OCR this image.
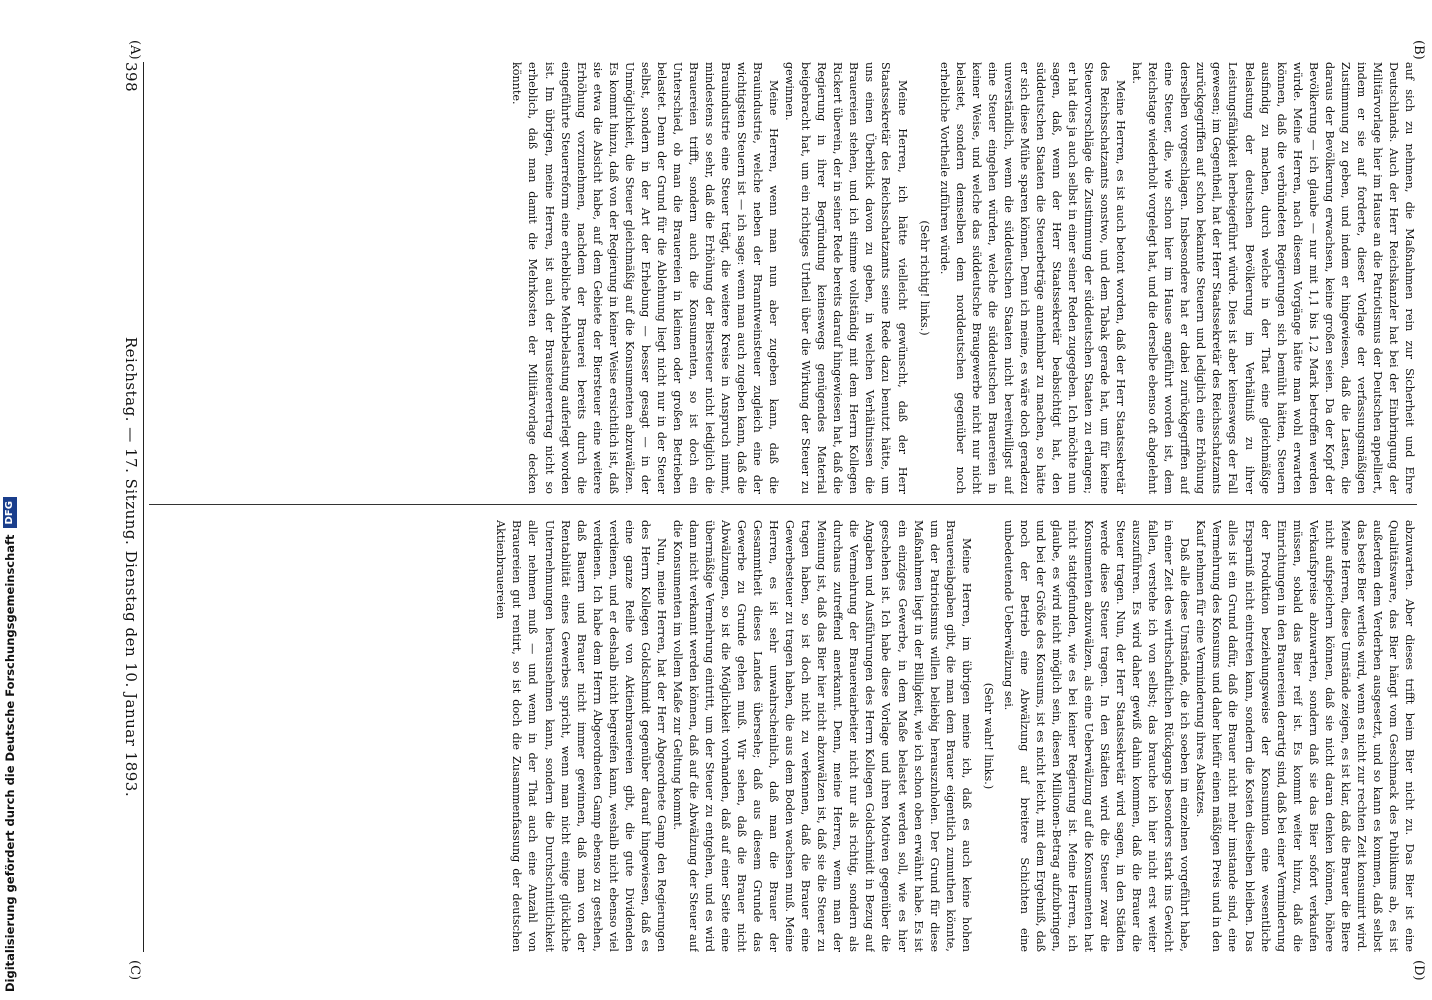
(A)	(B)
(C)	(D)

auf sich zu nehmen, die Maßnahmen rein zur Sicherheit und Ehre Deutschlands. Auch der Herr Reichskanzler hat bei der Einbringung der Militärvorlage hier im Hause an die Patriotismus der Deutschen appelliert, indem er sie auf forderte, dieser Vorlage der verfassungsmäßigen Zustimmung zu geben, und indem er hingewiesen, daß die Lasten, die daraus der Bevölkerung erwachsen, keine großen seien. Da der Kopf der Bevölkerung — ich glaube — nur mit 1,1 bis 1,2 Mark betroffen werden würde. Meine Herren, nach diesem Vorgänge hätte man wohl erwarten können, daß die verbündeten Regierungen sich bemüht hätten, Steuern ausfindig zu machen, durch welche in der That eine gleichmäßige Belastung der deutschen Bevölkerung im Verhältniß zu ihrer Leistungsfähigkeit herbeigeführt würde. Dies ist aber keineswegs der Fall gewesen; im Gegentheil, hat der Herr Staatssekretär des Reichsschatzamts zurückgegriffen auf schon bekannte Steuern und lediglich eine Erhöhung derselben vorgeschlagen. Insbesondere hat er dabei zurückgegriffen auf eine Steuer, die, wie schon hier im Hause angeführt worden ist, dem Reichstage wiederholt vorgelegt hat, und die derselbe ebenso oft abgelehnt hat.

Meine Herren, es ist auch betont worden, daß der Herr Staatssekretär des Reichsschatzamts sonstwo, und dem Tabak gerade hat, um für keine Steuervorschläge die Zustimmung der süddeutschen Staaten zu erlangen; er hat dies ja auch selbst in einer seiner Reden zugegeben. Ich möchte nun sagen, daß, wenn der Herr Staatssekretär beabsichtigt hat, den süddeutschen Staaten die Steuerbeträge annehmbar zu machen, so hätte er sich diese Mühe sparen können. Denn ich meine, es wäre doch geradezu unverständlich, wenn die süddeutschen Staaten nicht bereitwilligst auf eine Steuer eingehen würden, welche die süddeutschen Brauereien in keiner Weise, und welche das süddeutsche Braugewerbe nicht nur nicht belastet, sondern demselben dem norddeutschen gegenüber noch erhebliche Vortheile zuführen würde.

(Sehr richtig! links.)

Meine Herren, ich hätte vielleicht gewünscht, daß der Herr Staatssekretär des Reichsschatzamts seine Rede dazu benutzt hätte, um uns einen Überblick davon zu geben, in welchen Verhältnissen die Brauereien stehen, und ich stimme vollständig mit dem Herrn Kollegen Rickert überein, der in seiner Rede bereits darauf hingewiesen hat, daß die Regierung in ihrer Begründung keineswegs genügendes Material beigebracht hat, um ein richtiges Urtheil über die Wirkung der Steuer zu gewinnen.

Meine Herren, wenn man nun aber zugeben kann, daß die Brauindustrie, welche neben der Branntweinsteuer zugleich eine der wichtigsten Steuern ist — ich sage: wenn man auch zugeben kann, daß die Brauindustrie eine Steuer trägt, die weitere Kreise in Anspruch nimmt, mindestens so sehr, daß die Erhöhung der Biersteuer nicht lediglich die Brauereien trifft, sondern auch die Konsumenten, so ist doch ein Unterschied, ob man die Brauereien in kleinen oder großen Betrieben belastet. Denn der Grund für die Ablehnung liegt nicht nur in der Steuer selbst, sondern in der Art der Erhebung — besser gesagt — in der Unmöglichkeit, die Steuer gleichmäßig auf die Konsumenten abzuwälzen. Es kommt hinzu, daß von der Regierung in keiner Weise ersichtlich ist, daß sie etwa die Absicht habe, auf dem Gebiete der Biersteuer eine weitere Erhöhung vorzunehmen, nachdem der Brauerei bereits durch die eingeführte Steuerreform eine erhebliche Mehrbelastung auferlegt worden ist. Im übrigen, meine Herren, ist auch der Brausteuerertrag nicht so erheblich, daß man damit die Mehrkosten der Militärvorlage decken könnte.

abzuwarten. Aber dieses trifft beim Bier nicht zu. Das Bier ist eine Qualitätsware, das Bier hängt vom Geschmack des Publikums ab, es ist außerdem dem Verderben ausgesetzt, und so kann es kommen, daß selbst das beste Bier wertlos wird, wenn es nicht zur rechten Zeit konsumirt wird. Meine Herren, diese Umstände zeigen, es ist klar, daß die Brauer die Biere nicht aufspeichern können, daß sie nicht daran denken können, höhere Verkaufspreise abzuwarten, sondern daß sie das Bier sofort verkaufen müssen, sobald das Bier reif ist. Es kommt weiter hinzu, daß die Einrichtungen in den Brauereien derartig sind, daß bei einer Verminderung der Produktion beziehungsweise der Konsumtion eine wesentliche Ersparniß nicht eintreten kann, sondern die Kosten dieselben bleiben. Das alles ist ein Grund dafür, daß die Brauer nicht mehr imstande sind, eine Vermehrung des Konsums und daher hiefür einen mäßigen Preis und in den Kauf nehmen für eine Verminderung ihres Absatzes.

Daß alle diese Umstände, die ich soeben im einzelnen vorgeführt habe, in einer Zeit des wirthschaftlichen Rückgangs besonders stark ins Gewicht fallen, verstehe ich von selbst; das brauche ich hier nicht erst weiter auszuführen. Es wird daher gewiß dahin kommen, daß die Brauer die Steuer tragen. Nun, der Herr Staatssekretär wird sagen, in den Städten werde diese Steuer tragen. In den Städten wird die Steuer zwar die Konsumenten abzuwälzen, als eine Ueberwälzung auf die Konsumenten hat nicht stattgefunden, wie es bei keiner Regierung ist. Meine Herren, ich glaube, es wird nicht möglich sein, diesen Millionen-Betrag aufzubringen, und bei der Größe des Konsums, ist es nicht leicht, mit dem Ergebniß, daß noch der Betrieb eine Abwälzung auf breitere Schichten eine unbedeutende Ueberwälzung sei.

(Sehr wahr! links.)

Meine Herren, im übrigen meine ich, daß es auch keine hohen Brauereiabgaben gibt, die man dem Brauer eigentlich zumuthen könnte, um der Patriotismus willen beliebig herauszuholen. Der Grund für diese Maßnahmen liegt in der Billigkeit, wie ich schon oben erwähnt habe. Es ist ein einziges Gewerbe, in dem Maße belastet werden soll, wie es hier geschehen ist. Ich habe diese Vorlage und ihren Motiven gegenüber die Angaben und Ausführungen des Herrn Kollegen Goldschmidt in Bezug auf die Vermehrung der Brauereiarbeiter nicht nur als richtig, sondern als durchaus zutreffend anerkannt. Denn, meine Herren, wenn man der Meinung ist, daß das Bier hier nicht abzuwälzen ist, daß sie die Steuer zu tragen haben, so ist doch nicht zu verkennen, daß die Brauer eine Gewerbesteuer zu tragen haben, die aus dem Boden wachsen muß. Meine Herren, es ist sehr unwahrscheinlich, daß man die Brauer der Gesammtheit dieses Landes übersehe; daß aus diesem Grunde das Gewerbe zu Grunde gehen muß. Wir sehen, daß die Brauer nicht Abwälzungen, so ist die Möglichkeit vorhanden, daß auf einer Seite eine übermäßige Vermehrung eintritt, um der Steuer zu entgehen, und es wird dann nicht verkannt werden können, daß auf die Abwälzung der Steuer auf die Konsumenten im vollem Maße zur Geltung kommt.

Nun, meine Herren, hat der Herr Abgeordnete Gamp den Regierungen des Herrn Kollegen Goldschmidt gegenüber darauf hingewiesen, daß es eine ganze Reihe von Aktienbrauereien gibt, die gute Dividenden verdienen, und er deshalb nicht begreifen kann, weshalb nicht ebenso viel verdienen. Ich habe dem Herrn Abgeordneten Gamp ebenso zu gestehen, daß Bauern und Brauer nicht immer gewinnen, daß man von der Rentabilität eines Gewerbes spricht, wenn man nicht einige glückliche Unternehmungen herausnehmen kann, sondern die Durchschnittlichkeit aller nehmen muß — und wenn in der That auch eine Anzahl von Brauereien gut rentirt, so ist doch die Zusammenfassung der deutschen Aktienbrauereien

398
Reichstag. — 17. Sitzung. Dienstag den 10. Januar 1893.
Digitalisierung gefördert durch die Deutsche Forschungsgemeinschaft
DFG
